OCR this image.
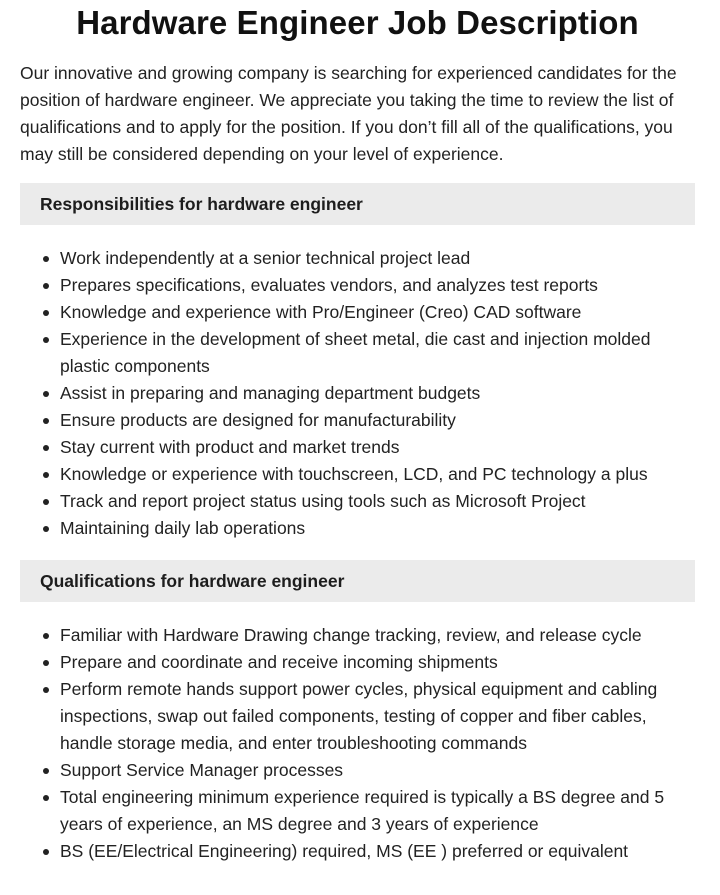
Hardware Engineer Job Description

Our innovative and growing company is searching for experienced candidates for the position of hardware engineer. We appreciate you taking the time to review the list of qualifications and to apply for the position. If you don’t fill all of the qualifications, you may still be considered depending on your level of experience.

Responsibilities for hardware engineer
Work independently at a senior technical project lead
Prepares specifications, evaluates vendors, and analyzes test reports
Knowledge and experience with Pro/Engineer (Creo) CAD software
Experience in the development of sheet metal, die cast and injection molded plastic components
Assist in preparing and managing department budgets
Ensure products are designed for manufacturability
Stay current with product and market trends
Knowledge or experience with touchscreen, LCD, and PC technology a plus
Track and report project status using tools such as Microsoft Project
Maintaining daily lab operations
Qualifications for hardware engineer
Familiar with Hardware Drawing change tracking, review, and release cycle
Prepare and coordinate and receive incoming shipments
Perform remote hands support power cycles, physical equipment and cabling inspections, swap out failed components, testing of copper and fiber cables, handle storage media, and enter troubleshooting commands
Support Service Manager processes
Total engineering minimum experience required is typically a BS degree and 5 years of experience, an MS degree and 3 years of experience
BS (EE/Electrical Engineering) required, MS (EE ) preferred or equivalent
